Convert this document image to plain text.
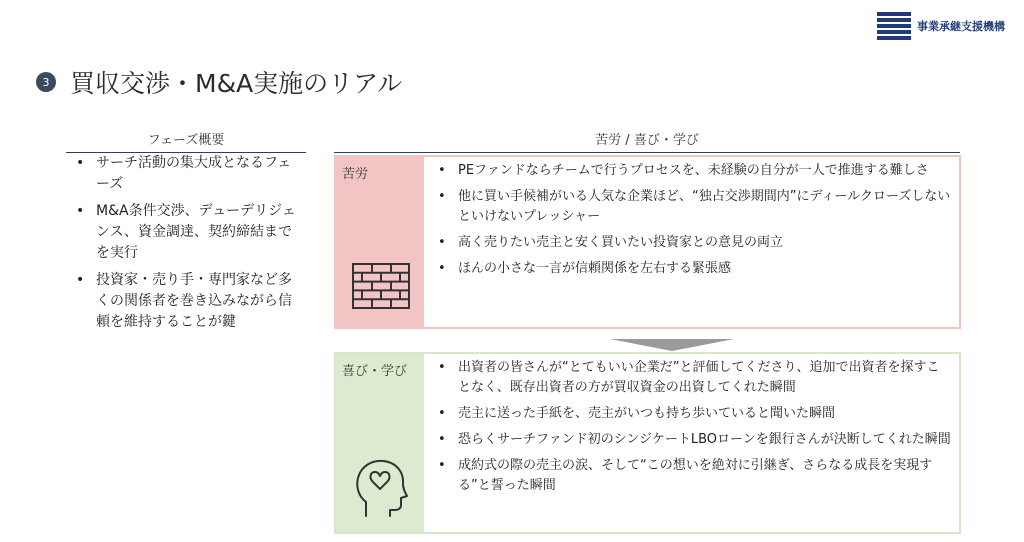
事業承継支援機構
3 買収交渉・M&A実施のリアル
フェーズ概要
• サーチ活動の集大成となるフェーズ
• M&A条件交渉、デューデリジェンス、資金調達、契約締結までを実行
• 投資家・売り手・専門家など多くの関係者を巻き込みながら信頼を維持することが鍵
苦労 / 喜び・学び
苦労	• PEファンドならチームで行うプロセスを、未経験の自分が一人で推進する難しさ
• 他に買い手候補がいる人気な企業ほど、“独占交渉期間内”にディールクローズしないといけないプレッシャー
• 高く売りたい売主と安く買いたい投資家との意見の両立
• ほんの小さな一言が信頼関係を左右する緊張感
喜び・学び	• 出資者の皆さんが“とてもいい企業だ”と評価してくださり、追加で出資者を探すことなく、既存出資者の方が買収資金の出資してくれた瞬間
• 売主に送った手紙を、売主がいつも持ち歩いていると聞いた瞬間
• 恐らくサーチファンド初のシンジケートLBOローンを銀行さんが決断してくれた瞬間
• 成約式の際の売主の涙、そして“この想いを絶対に引継ぎ、さらなる成長を実現する”と誓った瞬間
